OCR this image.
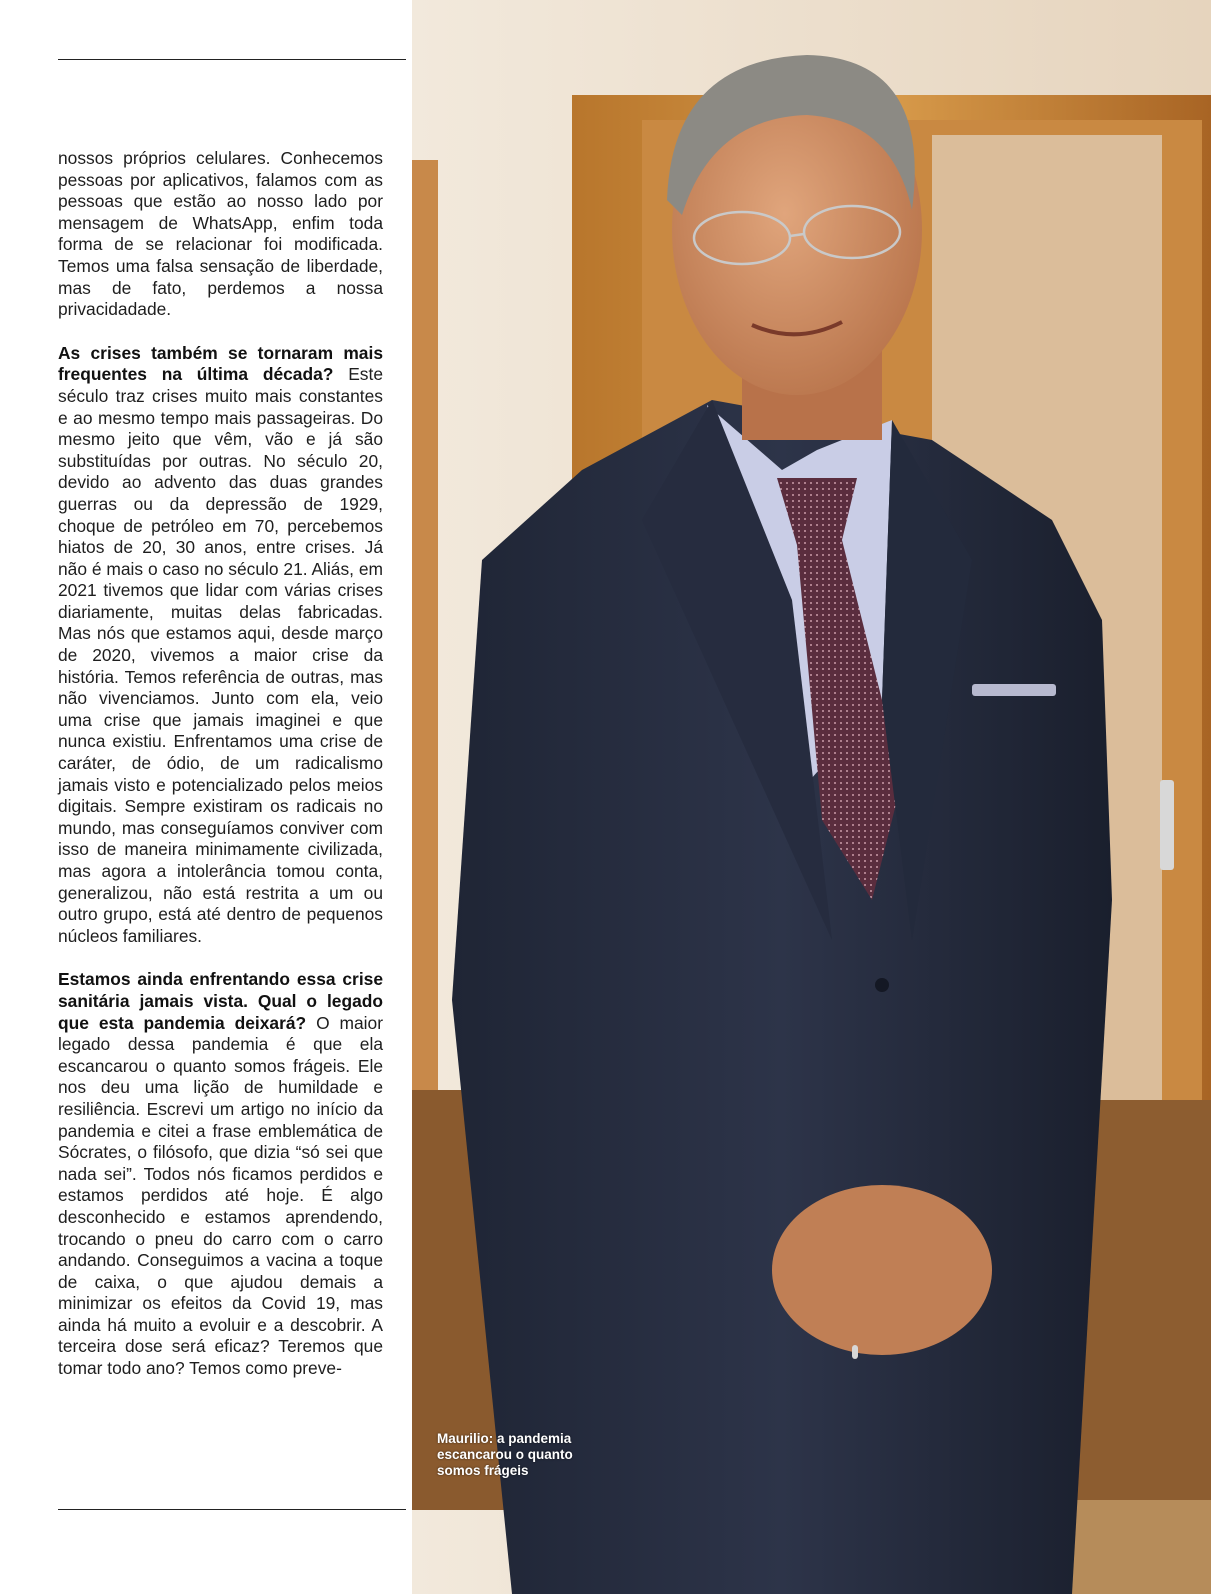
nossos próprios celulares. Conhecemos pessoas por aplicativos, falamos com as pessoas que estão ao nosso lado por mensagem de WhatsApp, enfim toda forma de se relacionar foi modificada. Temos uma falsa sensação de liberdade, mas de fato, perdemos a nossa privacidadade.

As crises também se tornaram mais frequentes na última década? Este século traz crises muito mais constantes e ao mesmo tempo mais passageiras. Do mesmo jeito que vêm, vão e já são substituídas por outras. No século 20, devido ao advento das duas grandes guerras ou da depressão de 1929, choque de petróleo em 70, percebemos hiatos de 20, 30 anos, entre crises. Já não é mais o caso no século 21. Aliás, em 2021 tivemos que lidar com várias crises diariamente, muitas delas fabricadas. Mas nós que estamos aqui, desde março de 2020, vivemos a maior crise da história. Temos referência de outras, mas não vivenciamos. Junto com ela, veio uma crise que jamais imaginei e que nunca existiu. Enfrentamos uma crise de caráter, de ódio, de um radicalismo jamais visto e potencializado pelos meios digitais. Sempre existiram os radicais no mundo, mas conseguíamos conviver com isso de maneira minimamente civilizada, mas agora a intolerância tomou conta, generalizou, não está restrita a um ou outro grupo, está até dentro de pequenos núcleos familiares.

Estamos ainda enfrentando essa crise sanitária jamais vista. Qual o legado que esta pandemia deixará? O maior legado dessa pandemia é que ela escancarou o quanto somos frágeis. Ele nos deu uma lição de humildade e resiliência. Escrevi um artigo no início da pandemia e citei a frase emblemática de Sócrates, o filósofo, que dizia “só sei que nada sei”. Todos nós ficamos perdidos e estamos perdidos até hoje. É algo desconhecido e estamos aprendendo, trocando o pneu do carro com o carro andando. Conseguimos a vacina a toque de caixa, o que ajudou demais a minimizar os efeitos da Covid 19, mas ainda há muito a evoluir e a descobrir. A terceira dose será eficaz? Teremos que tomar todo ano? Temos como preve-

Maurilio: a pandemia escancarou o quanto somos frágeis
